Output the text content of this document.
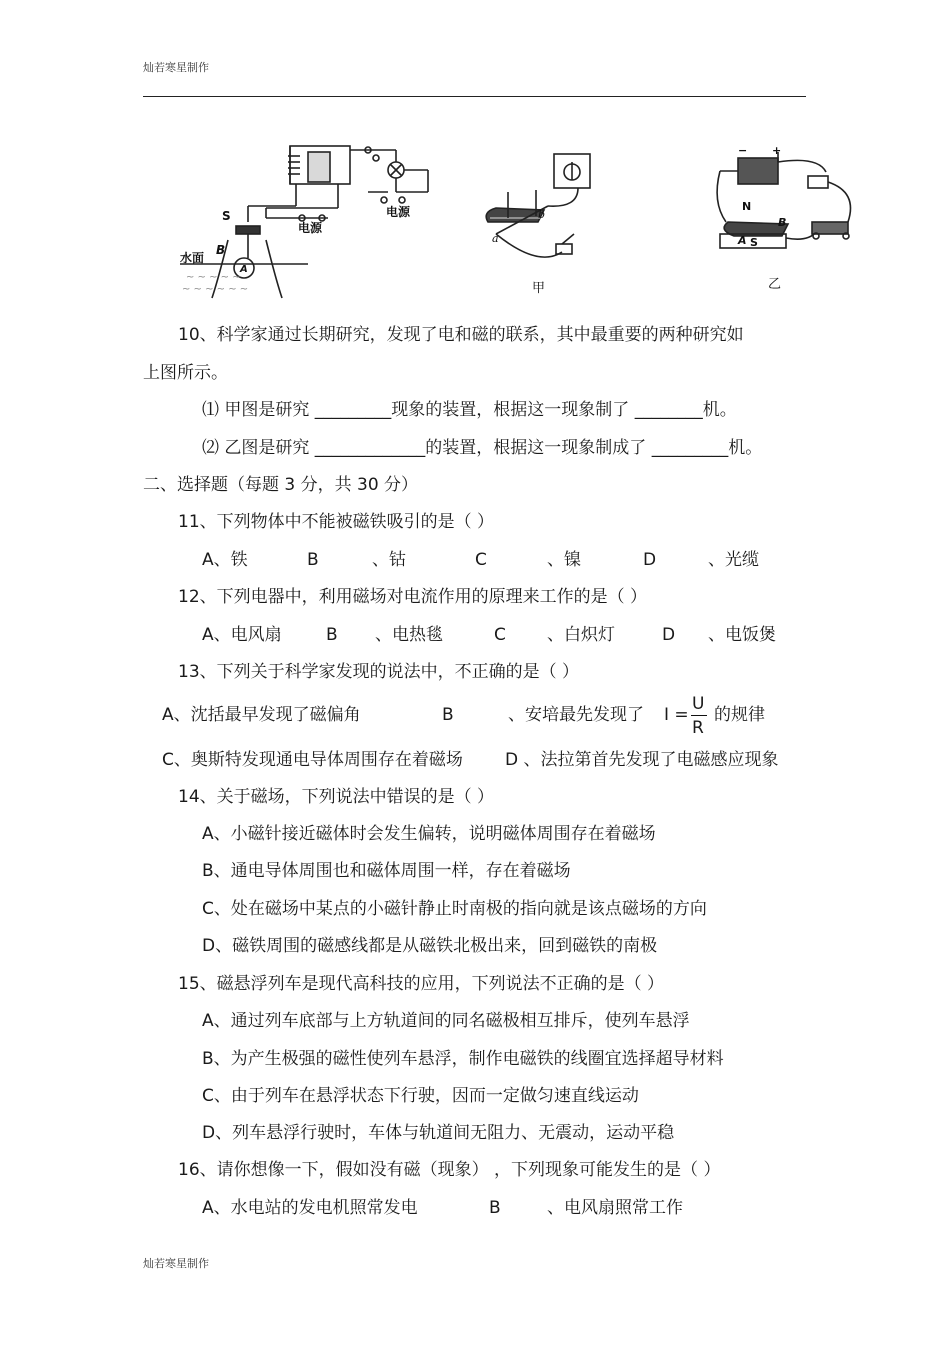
灿若寒星制作
~ ~ ~ ~ ~
~ ~ ~ ~ ~ ~
S
B
A
水面
电源
电源
a
b
甲
N
S
A
B
− +
乙
10、科学家通过长期研究，发现了电和磁的联系，其中最重要的两种研究如
上图所示。
⑴ 甲图是研究 _________现象的装置，根据这一现象制了 ________机。
⑵ 乙图是研究 _____________的装置，根据这一现象制成了 _________机。
二、选择题（每题 3 分，共 30 分）
11、下列物体中不能被磁铁吸引的是（ ）
A、铁	B	、钴	C	、镍	D	、光缆
12、下列电器中，利用磁场对电流作用的原理来工作的是（ ）
A、电风扇	B 、电热毯	C 、白炽灯	D 、电饭煲
13、下列关于科学家发现的说法中，不正确的是（ ）
A、沈括最早发现了磁偏角	B	、安培最先发现了 I =
U
R
的规律
C、奥斯特发现通电导体周围存在着磁场 D 、法拉第首先发现了电磁感应现象
14、关于磁场，下列说法中错误的是（ ）
A、小磁针接近磁体时会发生偏转，说明磁体周围存在着磁场
B、通电导体周围也和磁体周围一样，存在着磁场
C、处在磁场中某点的小磁针静止时南极的指向就是该点磁场的方向
D、磁铁周围的磁感线都是从磁铁北极出来，回到磁铁的南极
15、磁悬浮列车是现代高科技的应用，下列说法不正确的是（ ）
A、通过列车底部与上方轨道间的同名磁极相互排斥，使列车悬浮
B、为产生极强的磁性使列车悬浮，制作电磁铁的线圈宜选择超导材料
C、由于列车在悬浮状态下行驶，因而一定做匀速直线运动
D、列车悬浮行驶时，车体与轨道间无阻力、无震动，运动平稳
16、请你想像一下，假如没有磁（现象） ，下列现象可能发生的是（ ）
A、水电站的发电机照常发电	B	、电风扇照常工作
灿若寒星制作
